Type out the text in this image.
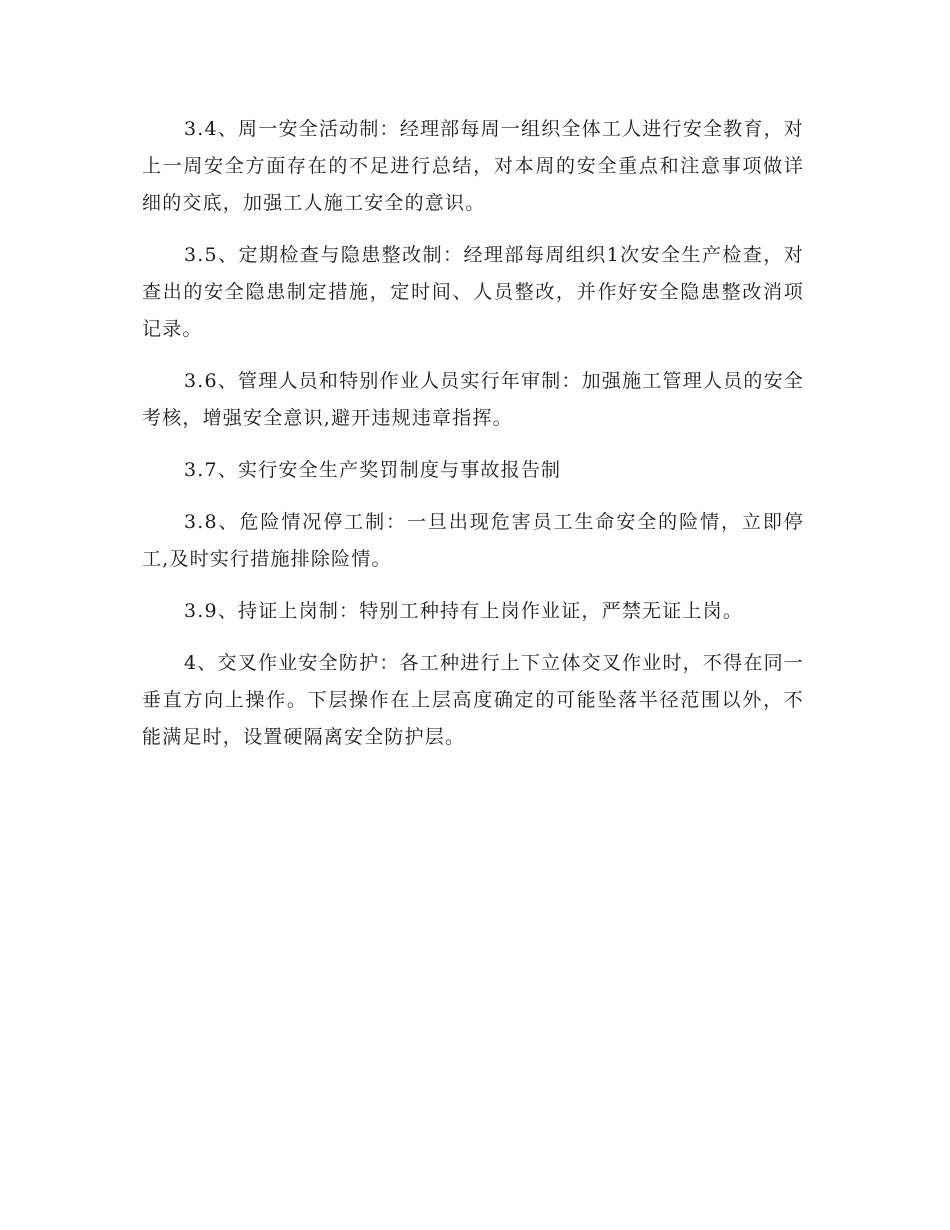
3.4、周一安全活动制：经理部每周一组织全体工人进行安全教育，对上一周安全方面存在的不足进行总结，对本周的安全重点和注意事项做详细的交底，加强工人施工安全的意识。

3.5、定期检查与隐患整改制：经理部每周组织1次安全生产检查，对查出的安全隐患制定措施，定时间、人员整改，并作好安全隐患整改消项记录。

3.6、管理人员和特别作业人员实行年审制：加强施工管理人员的安全考核，增强安全意识,避开违规违章指挥。

3.7、实行安全生产奖罚制度与事故报告制

3.8、危险情况停工制：一旦出现危害员工生命安全的险情，立即停工,及时实行措施排除险情。

3.9、持证上岗制：特别工种持有上岗作业证，严禁无证上岗。

4、交叉作业安全防护：各工种进行上下立体交叉作业时，不得在同一垂直方向上操作。下层操作在上层高度确定的可能坠落半径范围以外，不能满足时，设置硬隔离安全防护层。
